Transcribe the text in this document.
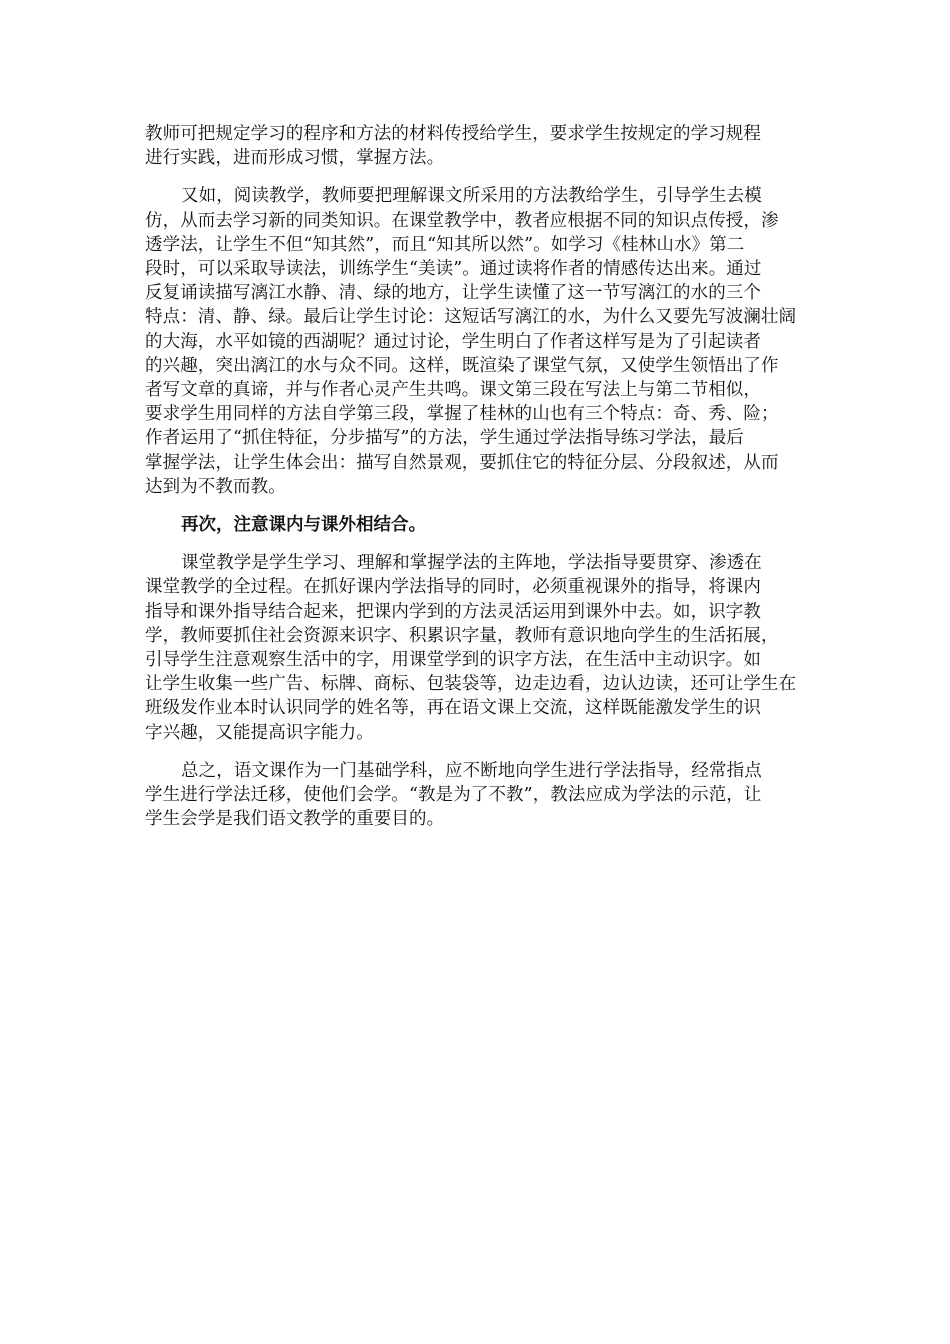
教师可把规定学习的程序和方法的材料传授给学生，要求学生按规定的学习规程
进行实践，进而形成习惯，掌握方法。
又如，阅读教学，教师要把理解课文所采用的方法教给学生，引导学生去模
仿，从而去学习新的同类知识。在课堂教学中，教者应根据不同的知识点传授，渗
透学法，让学生不但“知其然”，而且“知其所以然”。如学习《桂林山水》第二
段时，可以采取导读法，训练学生“美读”。通过读将作者的情感传达出来。通过
反复诵读描写漓江水静、清、绿的地方，让学生读懂了这一节写漓江的水的三个
特点：清、静、绿。最后让学生讨论：这短话写漓江的水，为什么又要先写波澜壮阔
的大海，水平如镜的西湖呢？通过讨论，学生明白了作者这样写是为了引起读者
的兴趣，突出漓江的水与众不同。这样，既渲染了课堂气氛，又使学生领悟出了作
者写文章的真谛，并与作者心灵产生共鸣。课文第三段在写法上与第二节相似，
要求学生用同样的方法自学第三段，掌握了桂林的山也有三个特点：奇、秀、险；
作者运用了“抓住特征，分步描写”的方法，学生通过学法指导练习学法，最后
掌握学法，让学生体会出：描写自然景观，要抓住它的特征分层、分段叙述，从而
达到为不教而教。
再次，注意课内与课外相结合。
课堂教学是学生学习、理解和掌握学法的主阵地，学法指导要贯穿、渗透在
课堂教学的全过程。在抓好课内学法指导的同时，必须重视课外的指导，将课内
指导和课外指导结合起来，把课内学到的方法灵活运用到课外中去。如，识字教
学，教师要抓住社会资源来识字、积累识字量，教师有意识地向学生的生活拓展，
引导学生注意观察生活中的字，用课堂学到的识字方法，在生活中主动识字。如
让学生收集一些广告、标牌、商标、包装袋等，边走边看，边认边读，还可让学生在
班级发作业本时认识同学的姓名等，再在语文课上交流，这样既能激发学生的识
字兴趣，又能提高识字能力。
总之，语文课作为一门基础学科，应不断地向学生进行学法指导，经常指点
学生进行学法迁移，使他们会学。“教是为了不教”，教法应成为学法的示范，让
学生会学是我们语文教学的重要目的。
